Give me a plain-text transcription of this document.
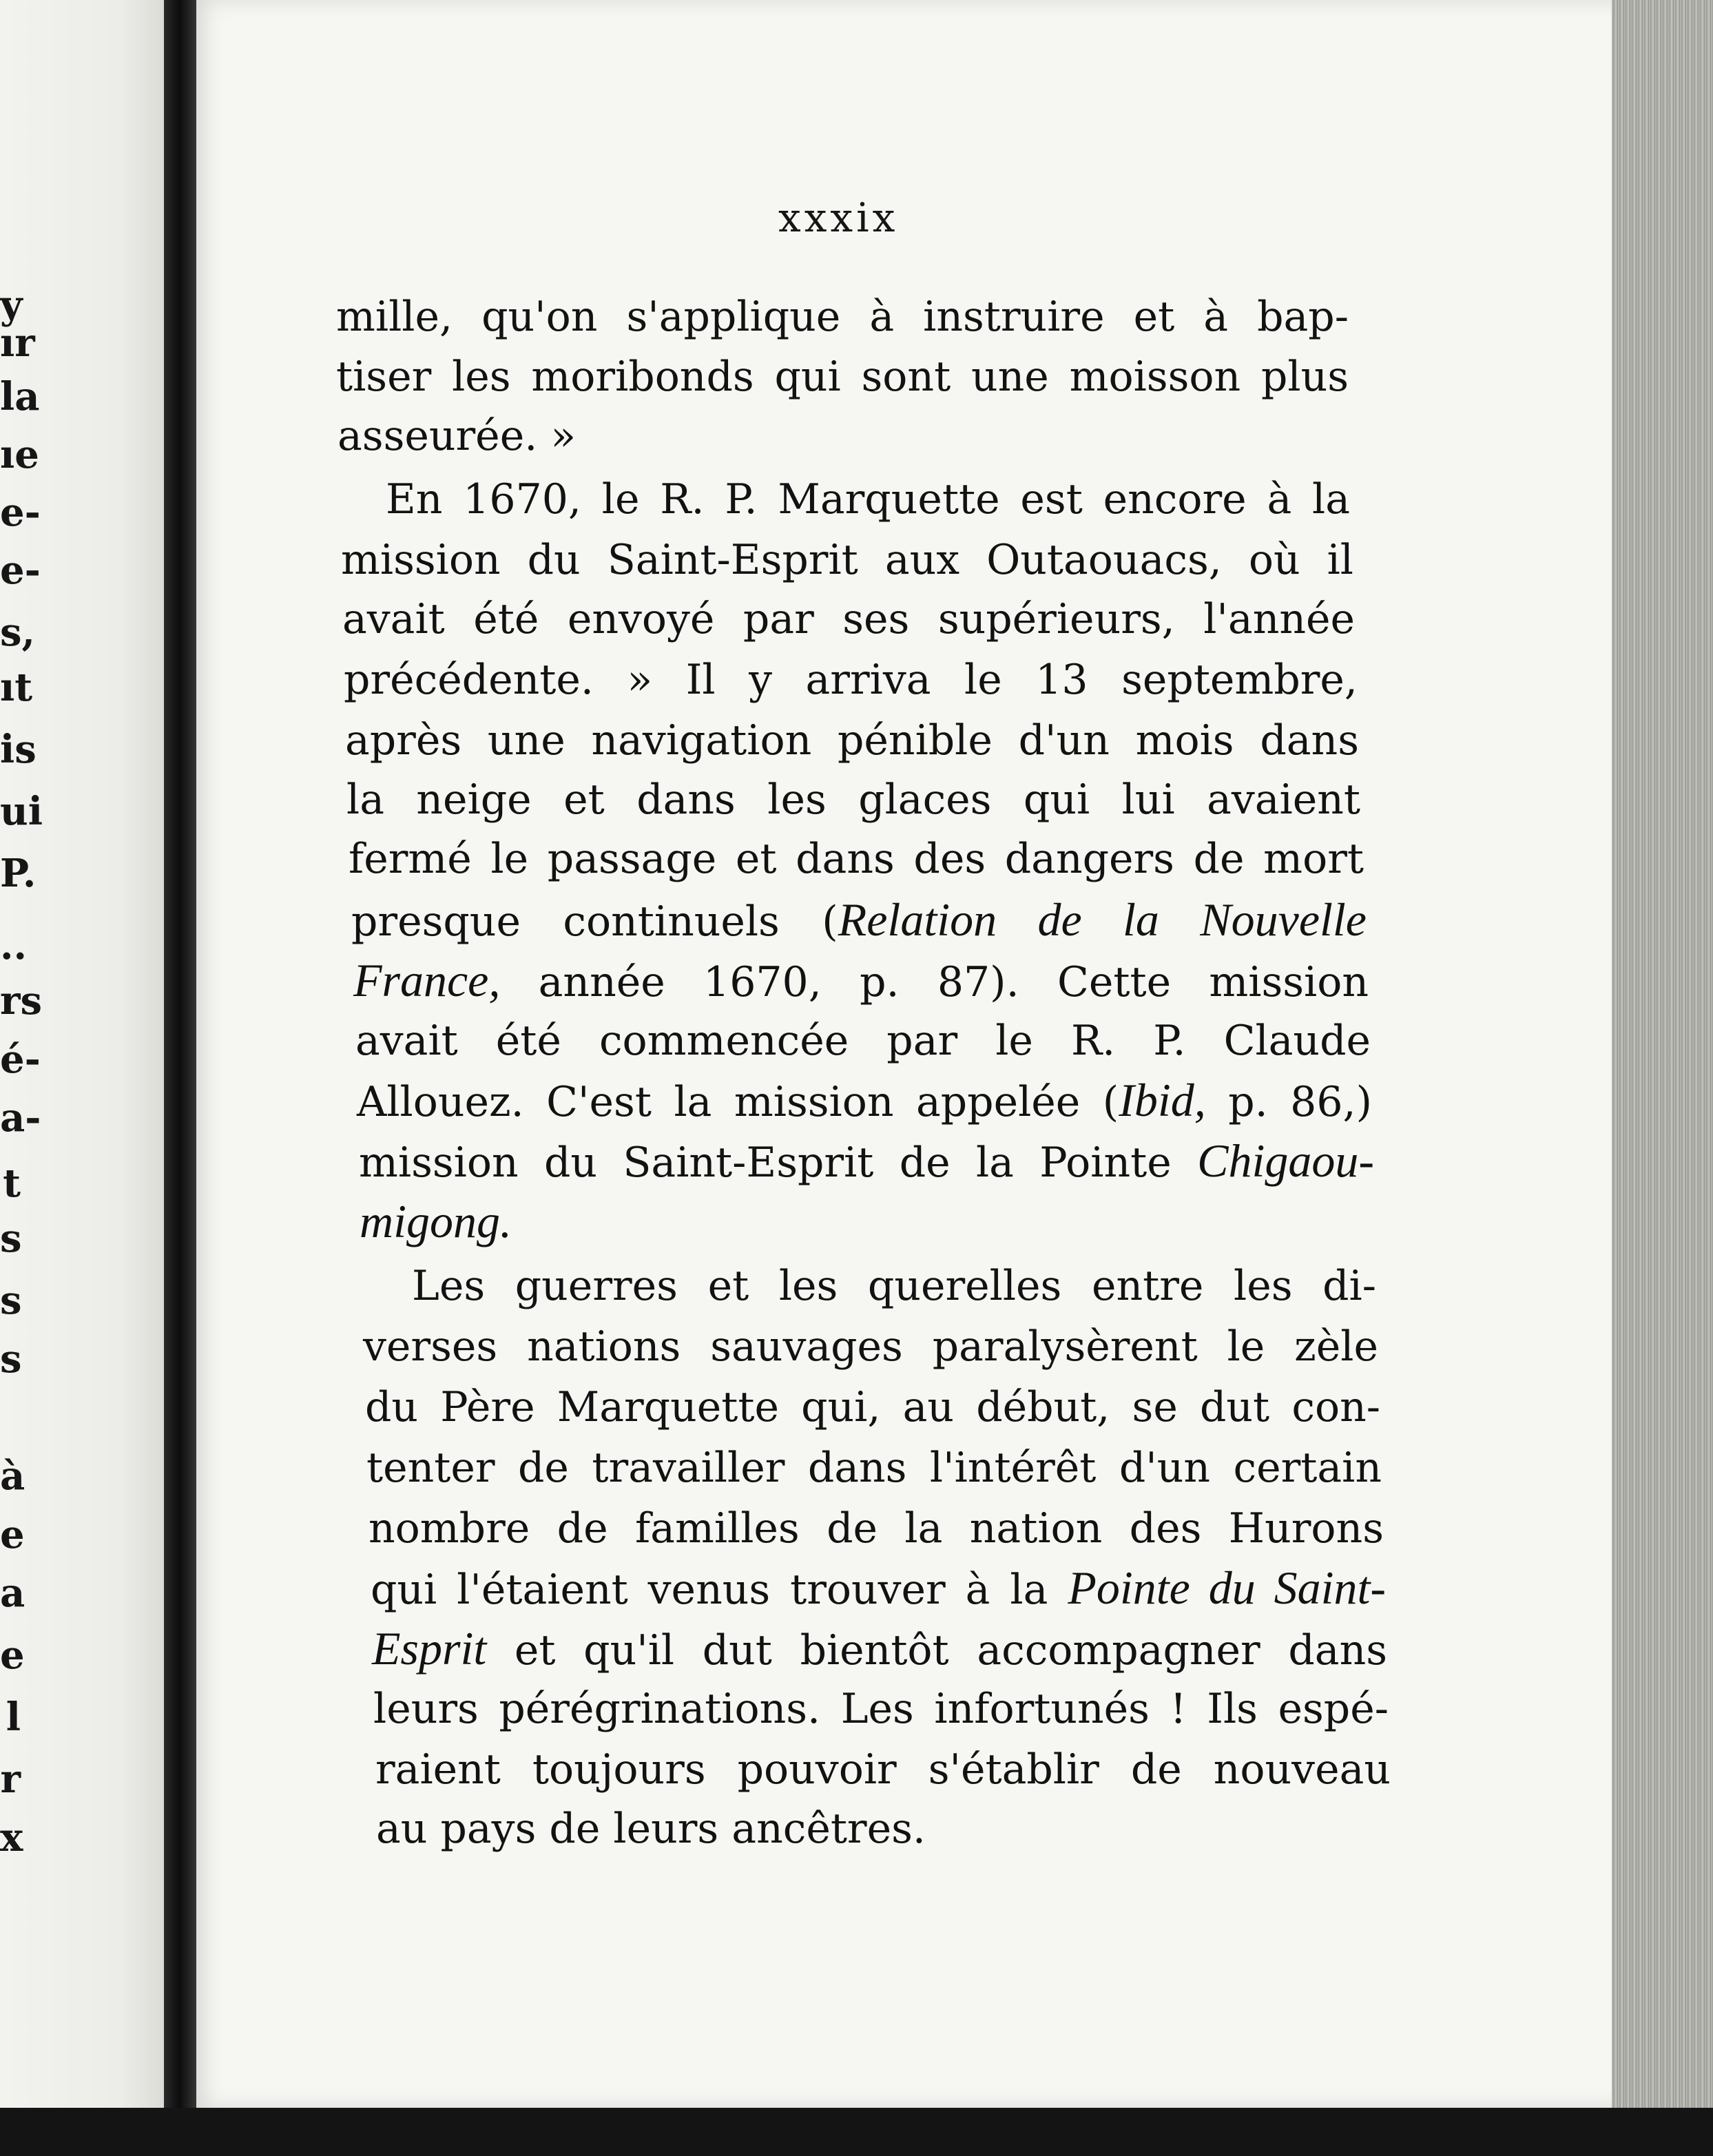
y
ır
la
ıe
e-
e-
s,
ıt
is
ui
P.
..
rs
é-
a-
t
s
s
s
à
e
a
e
l
r
x
xxxix
mille, qu'on s'applique à instruire et à bap-
tiser les moribonds qui sont une moisson plus
asseurée. »
En 1670, le R. P. Marquette est encore à la
mission du Saint-Esprit aux Outaouacs, où il
avait été envoyé par ses supérieurs, l'année
précédente. » Il y arriva le 13 septembre,
après une navigation pénible d'un mois dans
la neige et dans les glaces qui lui avaient
fermé le passage et dans des dangers de mort
presque continuels (Relation de la Nouvelle
France, année 1670, p. 87). Cette mission
avait été commencée par le R. P. Claude
Allouez. C'est la mission appelée (Ibid, p. 86,)
mission du Saint-Esprit de la Pointe Chigaou-
migong.
Les guerres et les querelles entre les di-
verses nations sauvages paralysèrent le zèle
du Père Marquette qui, au début, se dut con-
tenter de travailler dans l'intérêt d'un certain
nombre de familles de la nation des Hurons
qui l'étaient venus trouver à la Pointe du Saint-
Esprit et qu'il dut bientôt accompagner dans
leurs pérégrinations. Les infortunés ! Ils espé-
raient toujours pouvoir s'établir de nouveau
au pays de leurs ancêtres.
